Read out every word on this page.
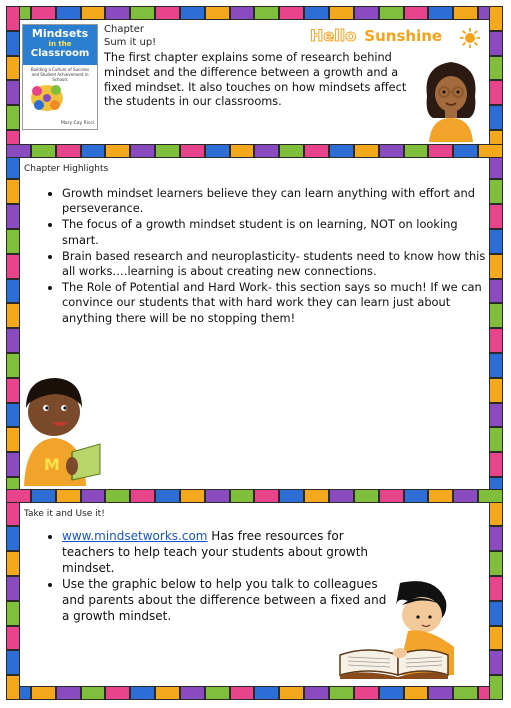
Mindsets
in the
Classroom
Building a Culture of Success and Student Achievement in Schools
Mary Cay Ricci
Chapter
Sum it up!
The first chapter explains some of research behind mindset and the difference between a growth and a fixed mindset. It also touches on how mindsets affect the students in our classrooms.
Hello Sunshine
Chapter Highlights
• Growth mindset learners believe they can learn anything with effort and perseverance.
• The focus of a growth mindset student is on learning, NOT on looking smart.
• Brain based research and neuroplasticity- students need to know how this all works….learning is about creating new connections.
• The Role of Potential and Hard Work- this section says so much! If we can convince our students that with hard work they can learn just about anything there will be no stopping them!
M
Take it and Use it!
• www.mindsetworks.com Has free resources for teachers to help teach your students about growth mindset.
• Use the graphic below to help you talk to colleagues and parents about the difference between a fixed and a growth mindset.
